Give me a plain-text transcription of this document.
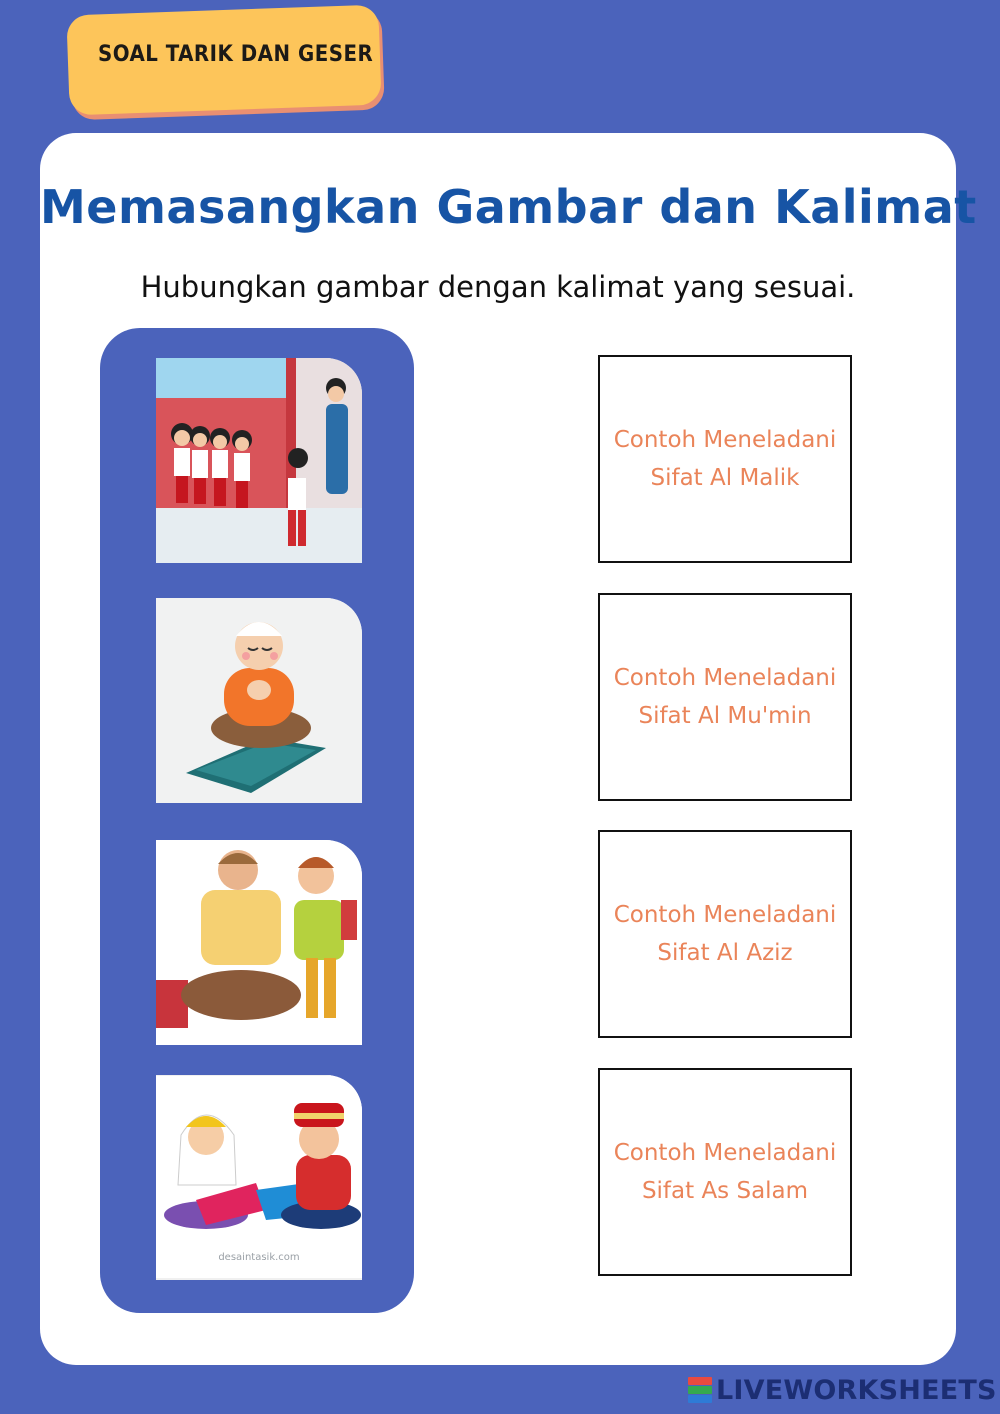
SOAL TARIK DAN GESER
Memasangkan Gambar dan Kalimat
Hubungkan gambar dengan kalimat yang sesuai.
desaintasik.com
Contoh Meneladani
Sifat Al Malik
Contoh Meneladani
Sifat Al Mu'min
Contoh Meneladani
Sifat Al Aziz
Contoh Meneladani
Sifat As Salam
LIVEWORKSHEETS
